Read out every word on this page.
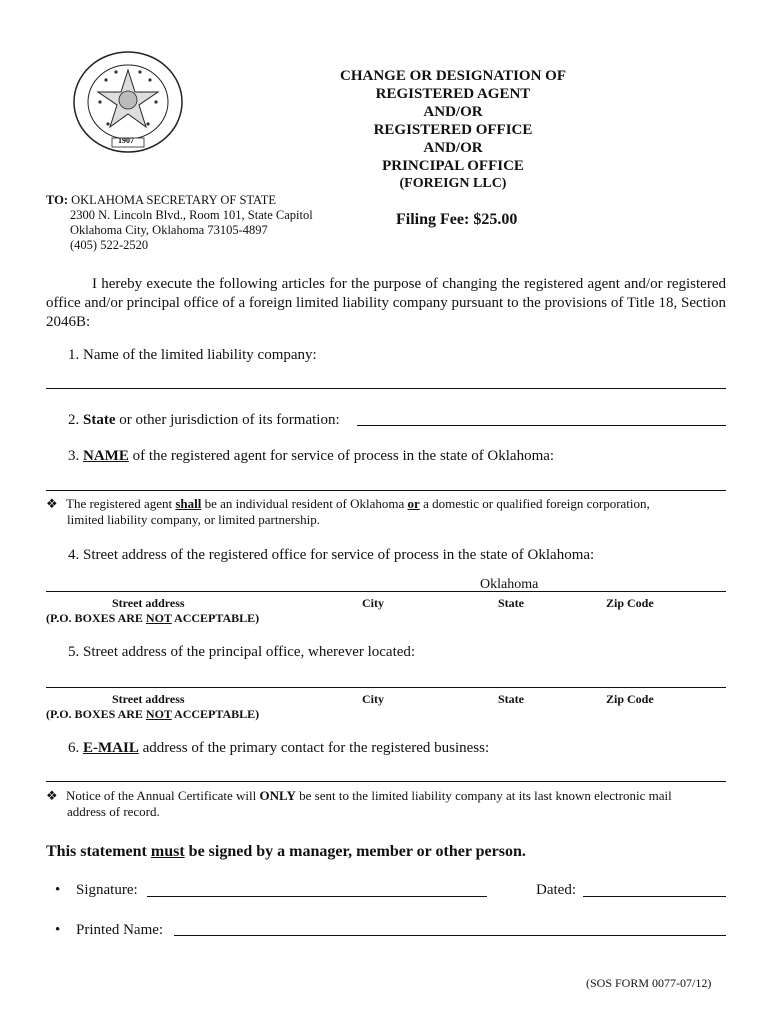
1907
CHANGE OR DESIGNATION OF
REGISTERED AGENT
AND/OR
REGISTERED OFFICE
AND/OR
PRINCIPAL OFFICE
(FOREIGN LLC)
Filing Fee: $25.00
TO: OKLAHOMA SECRETARY OF STATE
2300 N. Lincoln Blvd., Room 101, State Capitol
Oklahoma City, Oklahoma 73105-4897
(405) 522-2520
I hereby execute the following articles for the purpose of changing the registered agent and/or registered office and/or principal office of a foreign limited liability company pursuant to the provisions of Title 18, Section 2046B:
1. Name of the limited liability company:
2. State or other jurisdiction of its formation:
3. NAME of the registered agent for service of process in the state of Oklahoma:
❖ The registered agent shall be an individual resident of Oklahoma or a domestic or qualified foreign corporation,
limited liability company, or limited partnership.
4. Street address of the registered office for service of process in the state of Oklahoma:
Oklahoma
Street address	City	State	Zip Code
(P.O. BOXES ARE NOT ACCEPTABLE)
5. Street address of the principal office, wherever located:
Street address	City	State	Zip Code
(P.O. BOXES ARE NOT ACCEPTABLE)
6. E-MAIL address of the primary contact for the registered business:
❖ Notice of the Annual Certificate will ONLY be sent to the limited liability company at its last known electronic mail
address of record.
This statement must be signed by a manager, member or other person.
• Signature:	Dated:
• Printed Name:
(SOS FORM 0077-07/12)
